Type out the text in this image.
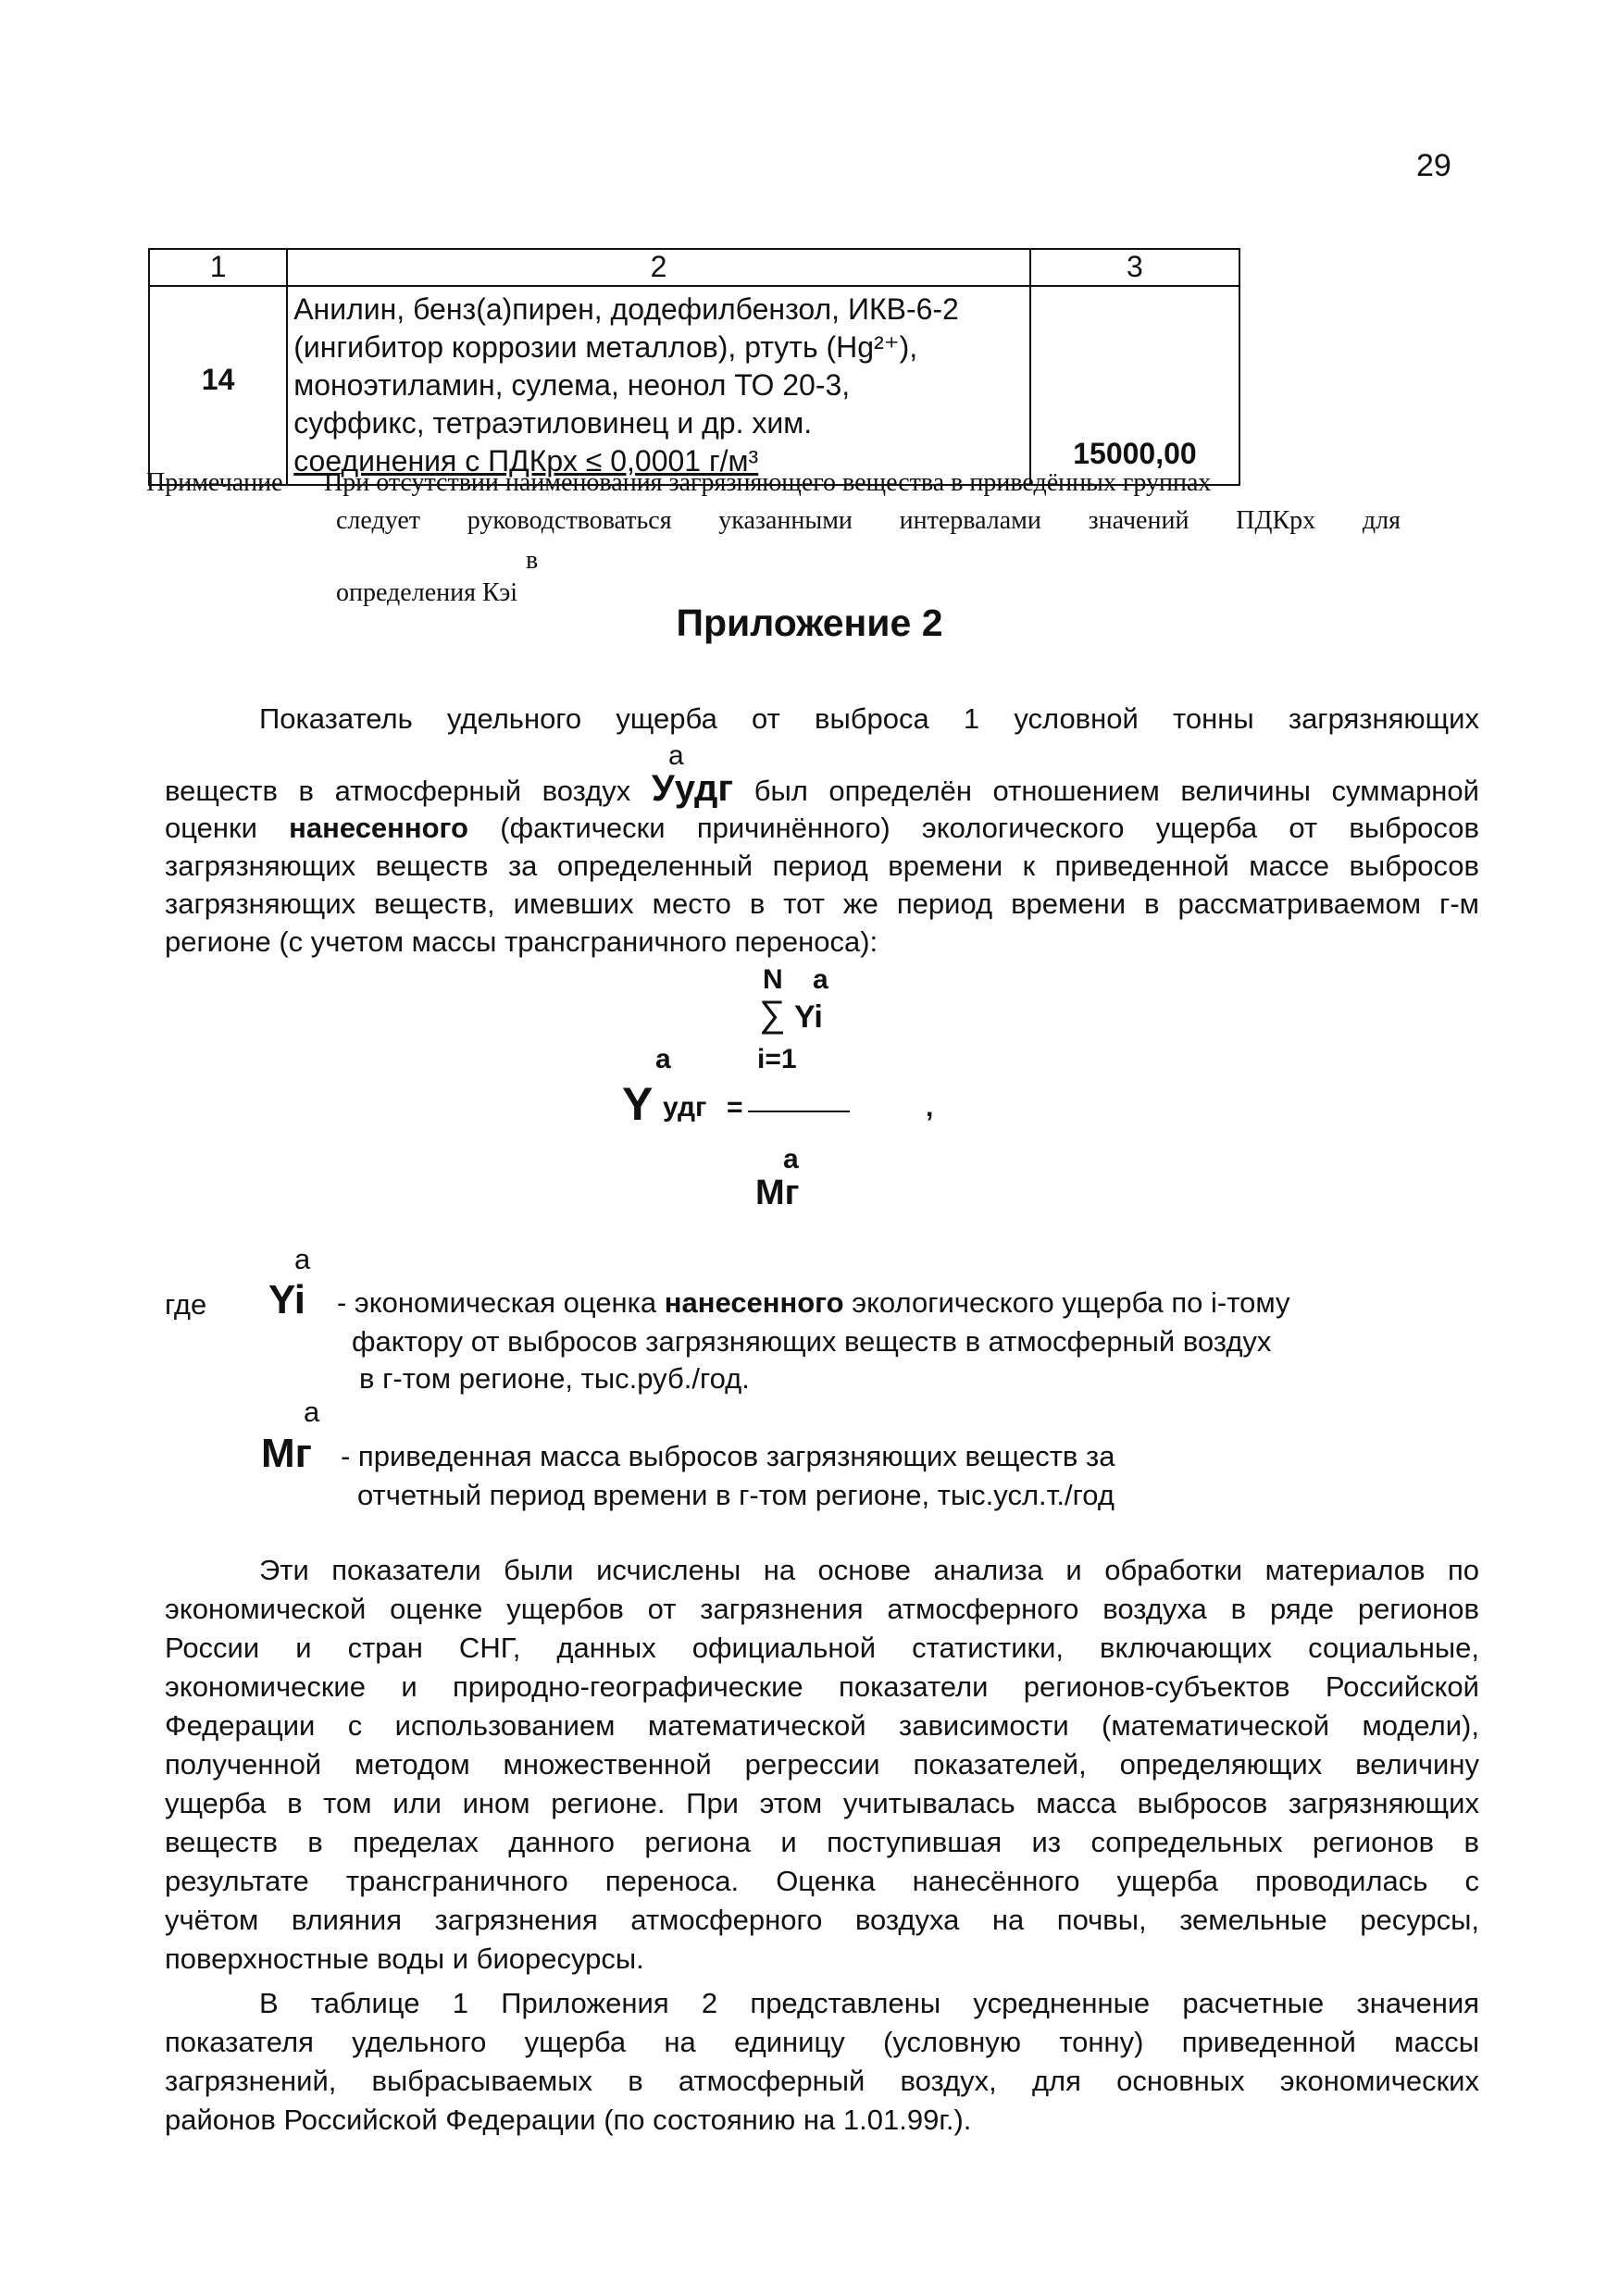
29
1	2	3
14	Анилин, бенз(а)пирен, додефилбензол, ИКВ-6-2
(ингибитор коррозии металлов), ртуть (Hg²⁺),
моноэтиламин, сулема, неонол ТО 20-3,
суффикс, тетраэтиловинец и др. хим.
соединения с ПДКрх ≤ 0,0001 г/м³	15000,00
Примечание При отсутствии наименования загрязняющего вещества в приведённых группах
следует руководствоваться указанными интервалами значений ПДКрх для
в
определения Кэi
Приложение 2
Показатель удельного ущерба от выброса 1 условной тонны загрязняющих
а
веществ в атмосферный воздух Уудг был определён отношением величины суммарной
оценки нанесенного (фактически причинённого) экологического ущерба от выбросов
загрязняющих веществ за определенный период времени к приведенной массе выбросов
загрязняющих веществ, имевших место в тот же период времени в рассматриваемом г-м
регионе (с учетом массы трансграничного переноса):
N а
∑ Yi
а	i=1
Y удг =	,
а
Мг
а
где Yi - экономическая оценка нанесенного экологического ущерба по i-тому
фактору от выбросов загрязняющих веществ в атмосферный воздух
в г-том регионе, тыс.руб./год.
а
Мг - приведенная масса выбросов загрязняющих веществ за
отчетный период времени в г-том регионе, тыс.усл.т./год
Эти показатели были исчислены на основе анализа и обработки материалов по
экономической оценке ущербов от загрязнения атмосферного воздуха в ряде регионов
России и стран СНГ, данных официальной статистики, включающих социальные,
экономические и природно-географические показатели регионов-субъектов Российской
Федерации с использованием математической зависимости (математической модели),
полученной методом множественной регрессии показателей, определяющих величину
ущерба в том или ином регионе. При этом учитывалась масса выбросов загрязняющих
веществ в пределах данного региона и поступившая из сопредельных регионов в
результате трансграничного переноса. Оценка нанесённого ущерба проводилась с
учётом влияния загрязнения атмосферного воздуха на почвы, земельные ресурсы,
поверхностные воды и биоресурсы.
В таблице 1 Приложения 2 представлены усредненные расчетные значения
показателя удельного ущерба на единицу (условную тонну) приведенной массы
загрязнений, выбрасываемых в атмосферный воздух, для основных экономических
районов Российской Федерации (по состоянию на 1.01.99г.).
